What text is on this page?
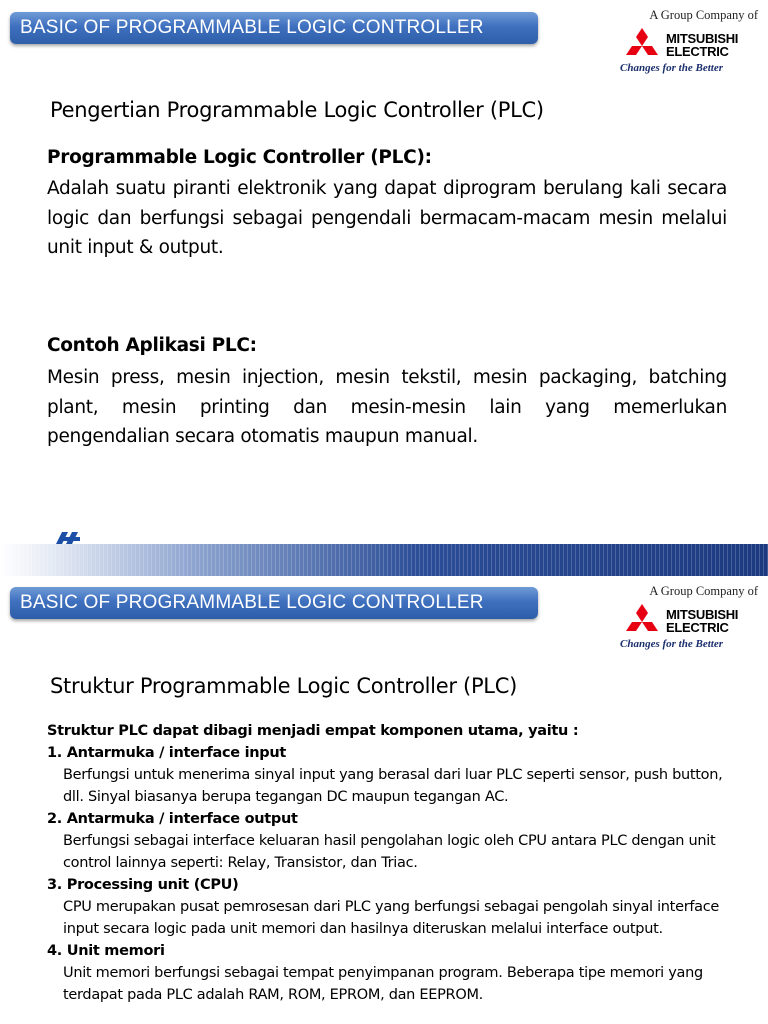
BASIC OF PROGRAMMABLE LOGIC CONTROLLER
A Group Company of
MITSUBISHI
ELECTRIC
Changes for the Better
Pengertian Programmable Logic Controller (PLC)
Programmable Logic Controller (PLC):
Adalah suatu piranti elektronik yang dapat diprogram berulang kali secara logic dan berfungsi sebagai pengendali bermacam-macam mesin melalui unit input & output.
Contoh Aplikasi PLC:
Mesin press, mesin injection, mesin tekstil, mesin packaging, batching plant, mesin printing dan mesin-mesin lain yang memerlukan pengendalian secara otomatis maupun manual.
BASIC OF PROGRAMMABLE LOGIC CONTROLLER
A Group Company of
MITSUBISHI
ELECTRIC
Changes for the Better
Struktur Programmable Logic Controller (PLC)
Struktur PLC dapat dibagi menjadi empat komponen utama, yaitu :
1. Antarmuka / interface input
Berfungsi untuk menerima sinyal input yang berasal dari luar PLC seperti sensor, push button, dll. Sinyal biasanya berupa tegangan DC maupun tegangan AC.
2. Antarmuka / interface output
Berfungsi sebagai interface keluaran hasil pengolahan logic oleh CPU antara PLC dengan unit control lainnya seperti: Relay, Transistor, dan Triac.
3. Processing unit (CPU)
CPU merupakan pusat pemrosesan dari PLC yang berfungsi sebagai pengolah sinyal interface input secara logic pada unit memori dan hasilnya diteruskan melalui interface output.
4. Unit memori
Unit memori berfungsi sebagai tempat penyimpanan program. Beberapa tipe memori yang terdapat pada PLC adalah RAM, ROM, EPROM, dan EEPROM.
